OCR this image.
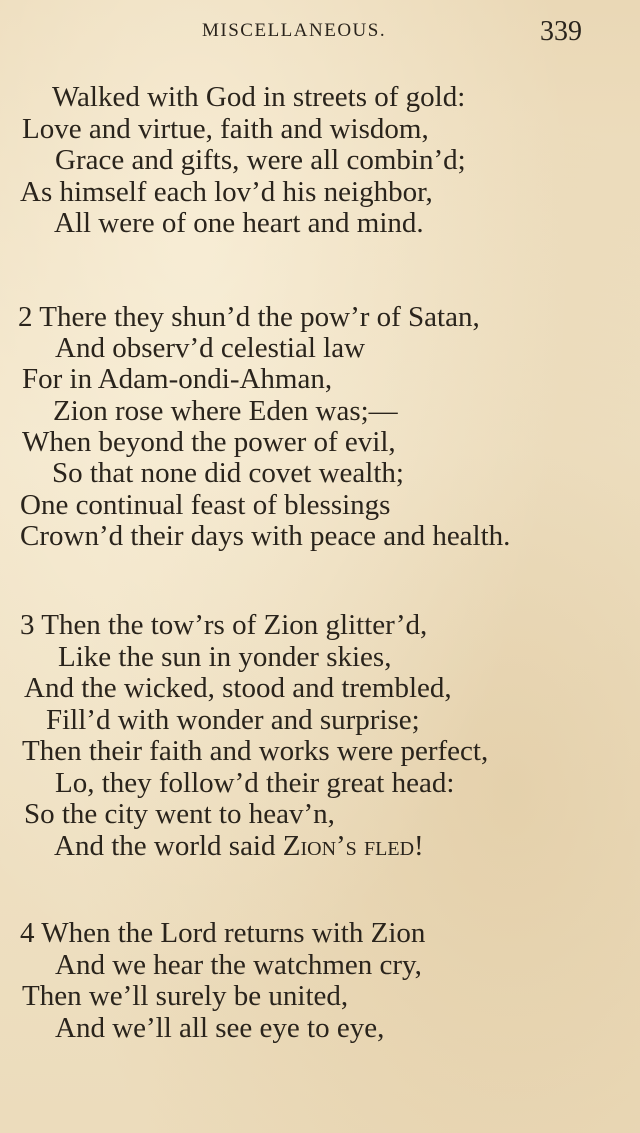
MISCELLANEOUS.	339
Walked with God in streets of gold:
Love and virtue, faith and wisdom,
Grace and gifts, were all combin’d;
As himself each lov’d his neighbor,
All were of one heart and mind.
2 There they shun’d the pow’r of Satan,
And observ’d celestial law
For in Adam-ondi-Ahman,
Zion rose where Eden was;—
When beyond the power of evil,
So that none did covet wealth;
One continual feast of blessings
Crown’d their days with peace and health.
3 Then the tow’rs of Zion glitter’d,
Like the sun in yonder skies,
And the wicked, stood and trembled,
Fill’d with wonder and surprise;
Then their faith and works were perfect,
Lo, they follow’d their great head:
So the city went to heav’n,
And the world said Zion’s fled!
4 When the Lord returns with Zion
And we hear the watchmen cry,
Then we’ll surely be united,
And we’ll all see eye to eye,
